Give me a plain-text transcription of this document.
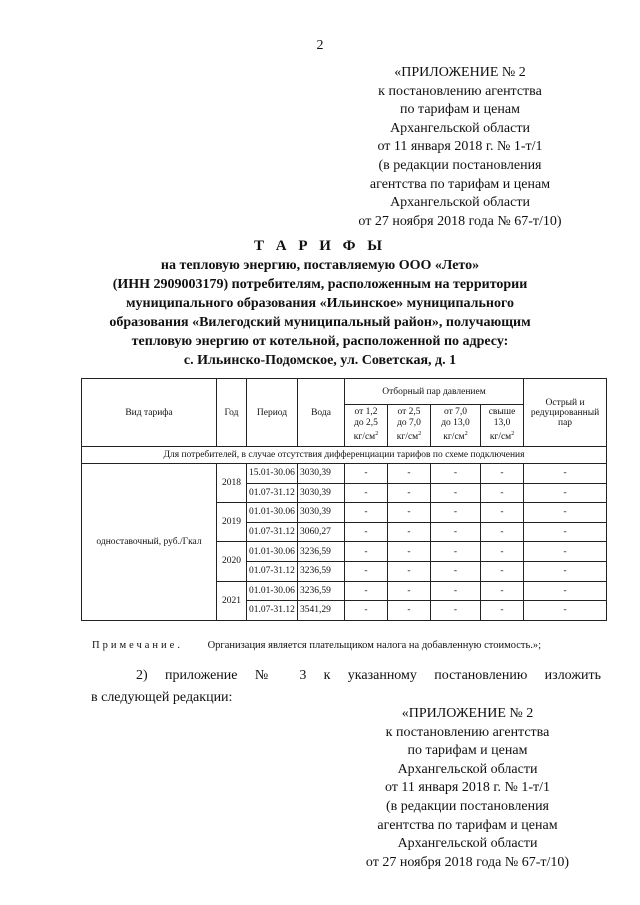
2
«ПРИЛОЖЕНИЕ № 2
к постановлению агентства
по тарифам и ценам
Архангельской области
от 11 января 2018 г. № 1-т/1
(в редакции постановления
агентства по тарифам и ценам
Архангельской области
от 27 ноября 2018 года № 67-т/10)
Т А Р И Ф Ы
на тепловую энергию, поставляемую ООО «Лето»
(ИНН 2909003179) потребителям, расположенным на территории
муниципального образования «Ильинское» муниципального
образования «Вилегодский муниципальный район», получающим
тепловую энергию от котельной, расположенной по адресу:
с. Ильинско-Подомское, ул. Советская, д. 1
Вид тарифа	Год	Период	Вода	Отборный пар давлением				Острый и редуцированный пар
				от 1,2
до 2,5
$кг/см^2$	от 2,5
до 7,0
$кг/см^2$	от 7,0
до 13,0
$кг/см^2$	свыше
13,0
$кг/см^2$
Для потребителей, в случае отсутствия дифференциации тарифов по схеме подключения								
одноставочный, руб./Гкал	2018	15.01-30.06	3030,39	-	-	-	-	-
		01.07-31.12	3030,39	-	-	-	-	-
	2019	01.01-30.06	3030,39	-	-	-	-	-
		01.07-31.12	3060,27	-	-	-	-	-
	2020	01.01-30.06	3236,59	-	-	-	-	-
		01.07-31.12	3236,59	-	-	-	-	-
	2021	01.01-30.06	3236,59	-	-	-	-	-
		01.07-31.12	3541,29	-	-	-	-	-
Примечание. Организация является плательщиком налога на добавленную стоимость.»;
2) приложение № 3 к указанному постановлению изложить
в следующей редакции:
«ПРИЛОЖЕНИЕ № 2
к постановлению агентства
по тарифам и ценам
Архангельской области
от 11 января 2018 г. № 1-т/1
(в редакции постановления
агентства по тарифам и ценам
Архангельской области
от 27 ноября 2018 года № 67-т/10)
